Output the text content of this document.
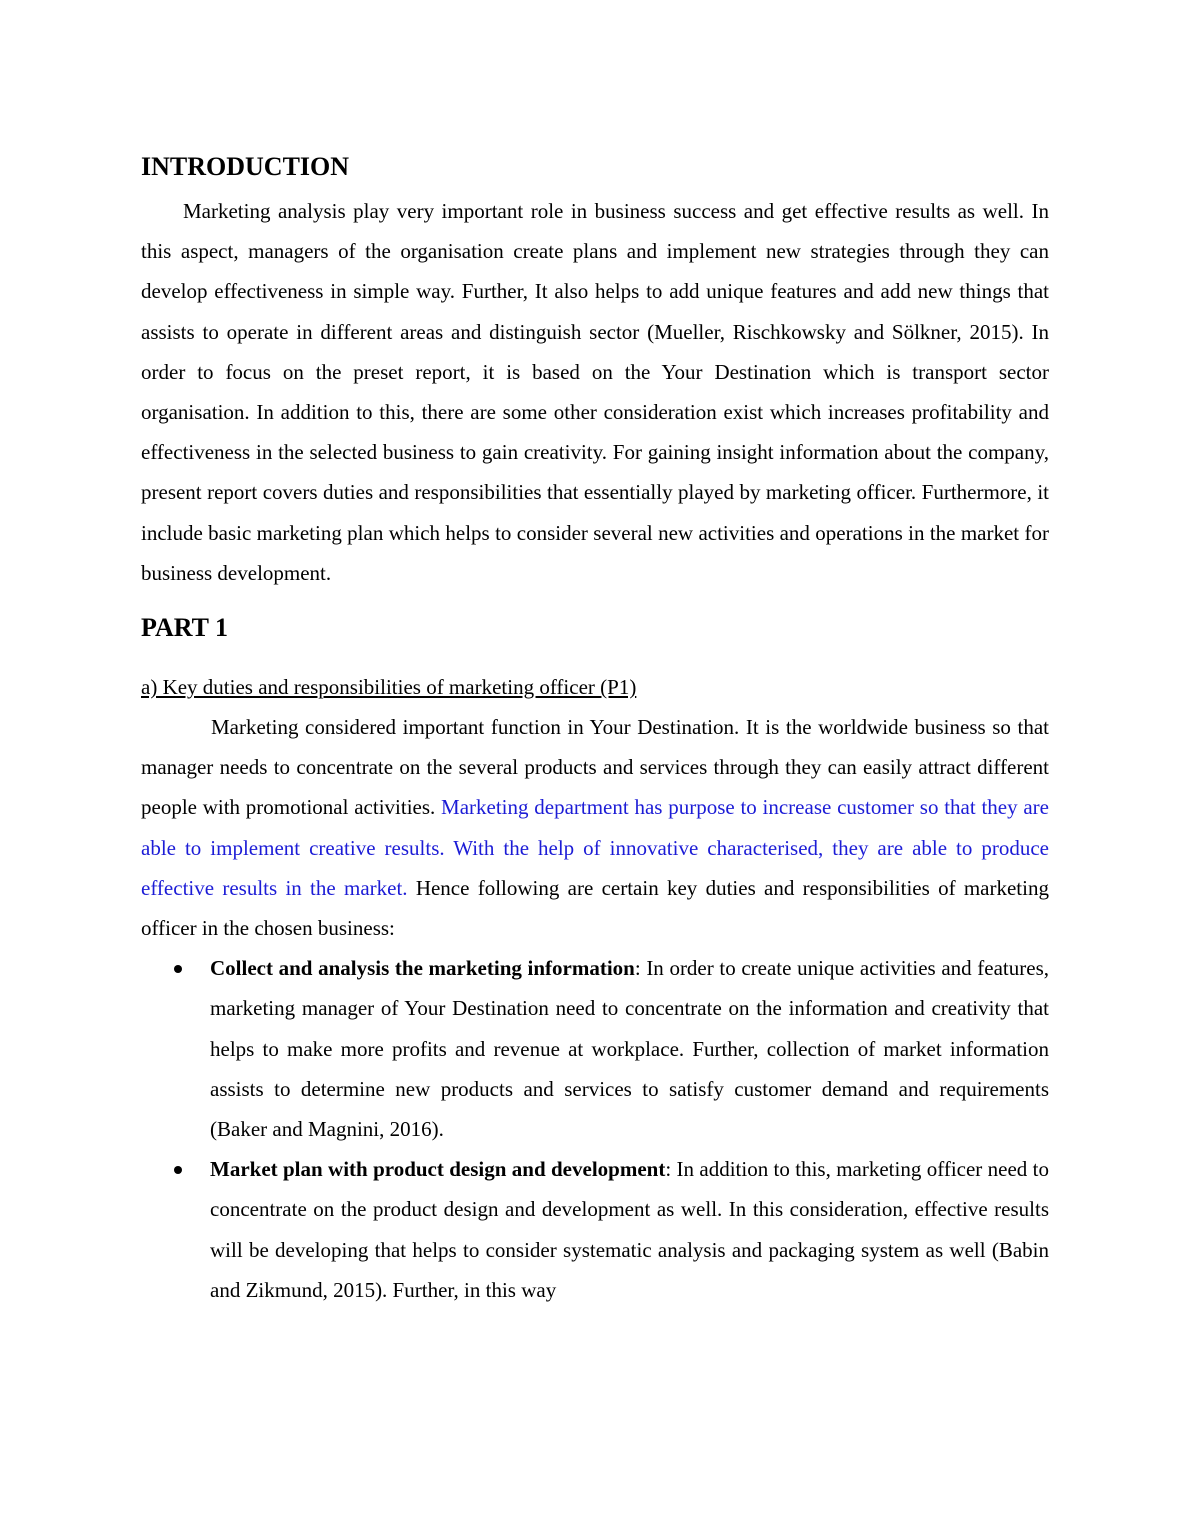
INTRODUCTION

Marketing analysis play very important role in business success and get effective results as well. In this aspect, managers of the organisation create plans and implement new strategies through they can develop effectiveness in simple way. Further, It also helps to add unique features and add new things that assists to operate in different areas and distinguish sector (Mueller, Rischkowsky and Sölkner, 2015). In order to focus on the preset report, it is based on the Your Destination which is transport sector organisation. In addition to this, there are some other consideration exist which increases profitability and effectiveness in the selected business to gain creativity. For gaining insight information about the company, present report covers duties and responsibilities that essentially played by marketing officer. Furthermore, it include basic marketing plan which helps to consider several new activities and operations in the market for business development.

PART 1
a) Key duties and responsibilities of marketing officer (P1)

Marketing considered important function in Your Destination. It is the worldwide business so that manager needs to concentrate on the several products and services through they can easily attract different people with promotional activities. Marketing department has purpose to increase customer so that they are able to implement creative results. With the help of innovative characterised, they are able to produce effective results in the market. Hence following are certain key duties and responsibilities of marketing officer in the chosen business:

Collect and analysis the marketing information: In order to create unique activities and features, marketing manager of Your Destination need to concentrate on the information and creativity that helps to make more profits and revenue at workplace. Further, collection of market information assists to determine new products and services to satisfy customer demand and requirements (Baker and Magnini, 2016).
Market plan with product design and development: In addition to this, marketing officer need to concentrate on the product design and development as well. In this consideration, effective results will be developing that helps to consider systematic analysis and packaging system as well (Babin and Zikmund, 2015). Further, in this way
